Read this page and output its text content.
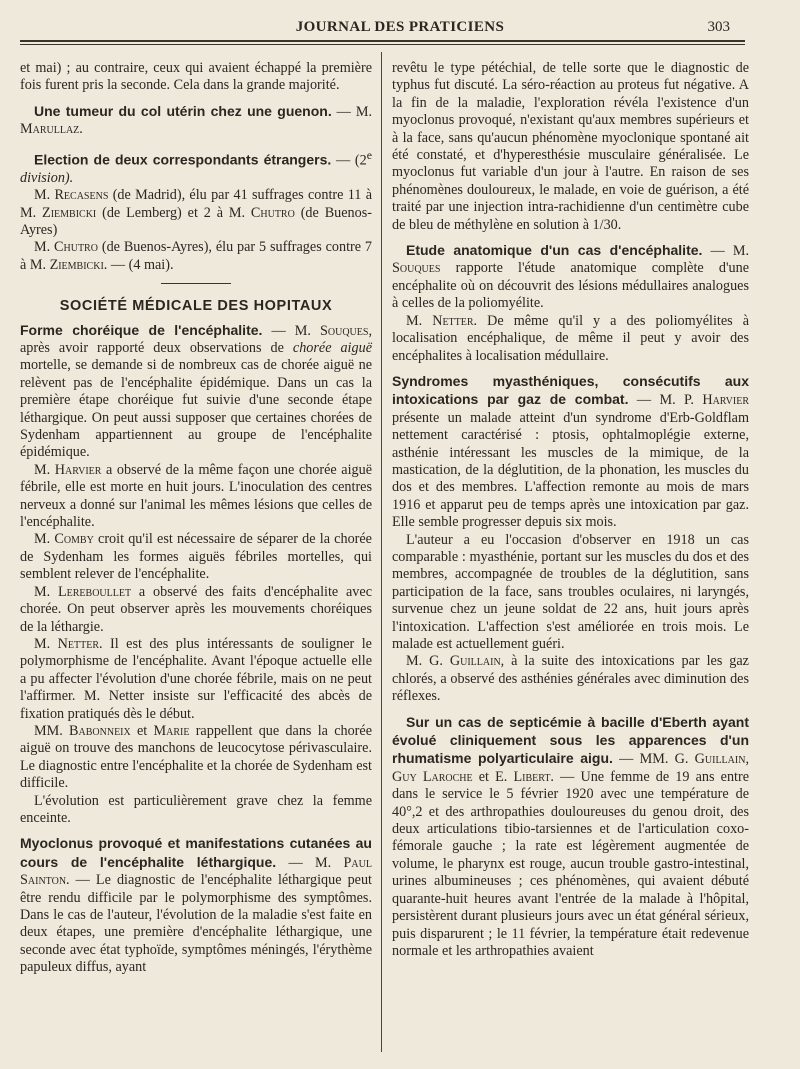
JOURNAL DES PRATICIENS	303

et mai) ; au contraire, ceux qui avaient échappé la première fois furent pris la seconde. Cela dans la grande majorité.

Une tumeur du col utérin chez une guenon. — M. Marullaz.

Election de deux correspondants étrangers. — (2e division).

M. Recasens (de Madrid), élu par 41 suffrages contre 11 à M. Ziembicki (de Lemberg) et 2 à M. Chutro (de Buenos-Ayres)

M. Chutro (de Buenos-Ayres), élu par 5 suffrages contre 7 à M. Ziembicki. — (4 mai).

SOCIÉTÉ MÉDICALE DES HOPITAUX

Forme choréique de l'encéphalite. — M. Souques, après avoir rapporté deux observations de chorée aiguë mortelle, se demande si de nombreux cas de chorée aiguë ne relèvent pas de l'encéphalite épidémique. Dans un cas la première étape choréique fut suivie d'une seconde étape léthargique. On peut aussi supposer que certaines chorées de Sydenham appartiennent au groupe de l'encéphalite épidémique.

M. Harvier a observé de la même façon une chorée aiguë fébrile, elle est morte en huit jours. L'inoculation des centres nerveux a donné sur l'animal les mêmes lésions que celles de l'encéphalite.

M. Comby croit qu'il est nécessaire de séparer de la chorée de Sydenham les formes aiguës fébriles mortelles, qui semblent relever de l'encéphalite.

M. Lereboullet a observé des faits d'encéphalite avec chorée. On peut observer après les mouvements choréiques de la léthargie.

M. Netter. Il est des plus intéressants de souligner le polymorphisme de l'encéphalite. Avant l'époque actuelle elle a pu affecter l'évolution d'une chorée fébrile, mais on ne peut l'affirmer. M. Netter insiste sur l'efficacité des abcès de fixation pratiqués dès le début.

MM. Babonneix et Marie rappellent que dans la chorée aiguë on trouve des manchons de leucocytose périvasculaire. Le diagnostic entre l'encéphalite et la chorée de Sydenham est difficile.

L'évolution est particulièrement grave chez la femme enceinte.

Myoclonus provoqué et manifestations cutanées au cours de l'encéphalite léthargique. — M. Paul Sainton. — Le diagnostic de l'encéphalite léthargique peut être rendu difficile par le polymorphisme des symptômes. Dans le cas de l'auteur, l'évolution de la maladie s'est faite en deux étapes, une première d'encéphalite léthargique, une seconde avec état typhoïde, symptômes méningés, l'érythème papuleux diffus, ayant

revêtu le type pétéchial, de telle sorte que le diagnostic de typhus fut discuté. La séro-réaction au proteus fut négative. A la fin de la maladie, l'exploration révéla l'existence d'un myoclonus provoqué, n'existant qu'aux membres supérieurs et à la face, sans qu'aucun phénomène myoclonique spontané ait été constaté, et d'hyperesthésie musculaire généralisée. Le myoclonus fut variable d'un jour à l'autre. En raison de ses phénomènes douloureux, le malade, en voie de guérison, a été traité par une injection intra-rachidienne d'un centimètre cube de bleu de méthylène en solution à 1/30.

Etude anatomique d'un cas d'encéphalite. — M. Souques rapporte l'étude anatomique complète d'une encéphalite où on découvrit des lésions médullaires analogues à celles de la poliomyélite.

M. Netter. De même qu'il y a des poliomyélites à localisation encéphalique, de même il peut y avoir des encéphalites à localisation médullaire.

Syndromes myasthéniques, consécutifs aux intoxications par gaz de combat. — M. P. Harvier présente un malade atteint d'un syndrome d'Erb-Goldflam nettement caractérisé : ptosis, ophtalmoplégie externe, asthénie intéressant les muscles de la mimique, de la mastication, de la déglutition, de la phonation, les muscles du dos et des membres. L'affection remonte au mois de mars 1916 et apparut peu de temps après une intoxication par gaz. Elle semble progresser depuis six mois.

L'auteur a eu l'occasion d'observer en 1918 un cas comparable : myasthénie, portant sur les muscles du dos et des membres, accompagnée de troubles de la déglutition, sans participation de la face, sans troubles oculaires, ni laryngés, survenue chez un jeune soldat de 22 ans, huit jours après l'intoxication. L'affection s'est améliorée en trois mois. Le malade est actuellement guéri.

M. G. Guillain, à la suite des intoxications par les gaz chlorés, a observé des asthénies générales avec diminution des réflexes.

Sur un cas de septicémie à bacille d'Eberth ayant évolué cliniquement sous les apparences d'un rhumatisme polyarticulaire aigu. — MM. G. Guillain, Guy Laroche et E. Libert. — Une femme de 19 ans entre dans le service le 5 février 1920 avec une température de 40°,2 et des arthropathies douloureuses du genou droit, des deux articulations tibio-tarsiennes et de l'articulation coxo-fémorale gauche ; la rate est légèrement augmentée de volume, le pharynx est rouge, aucun trouble gastro-intestinal, urines albumineuses ; ces phénomènes, qui avaient débuté quarante-huit heures avant l'entrée de la malade à l'hôpital, persistèrent durant plusieurs jours avec un état général sérieux, puis disparurent ; le 11 février, la température était redevenue normale et les arthropathies avaient
